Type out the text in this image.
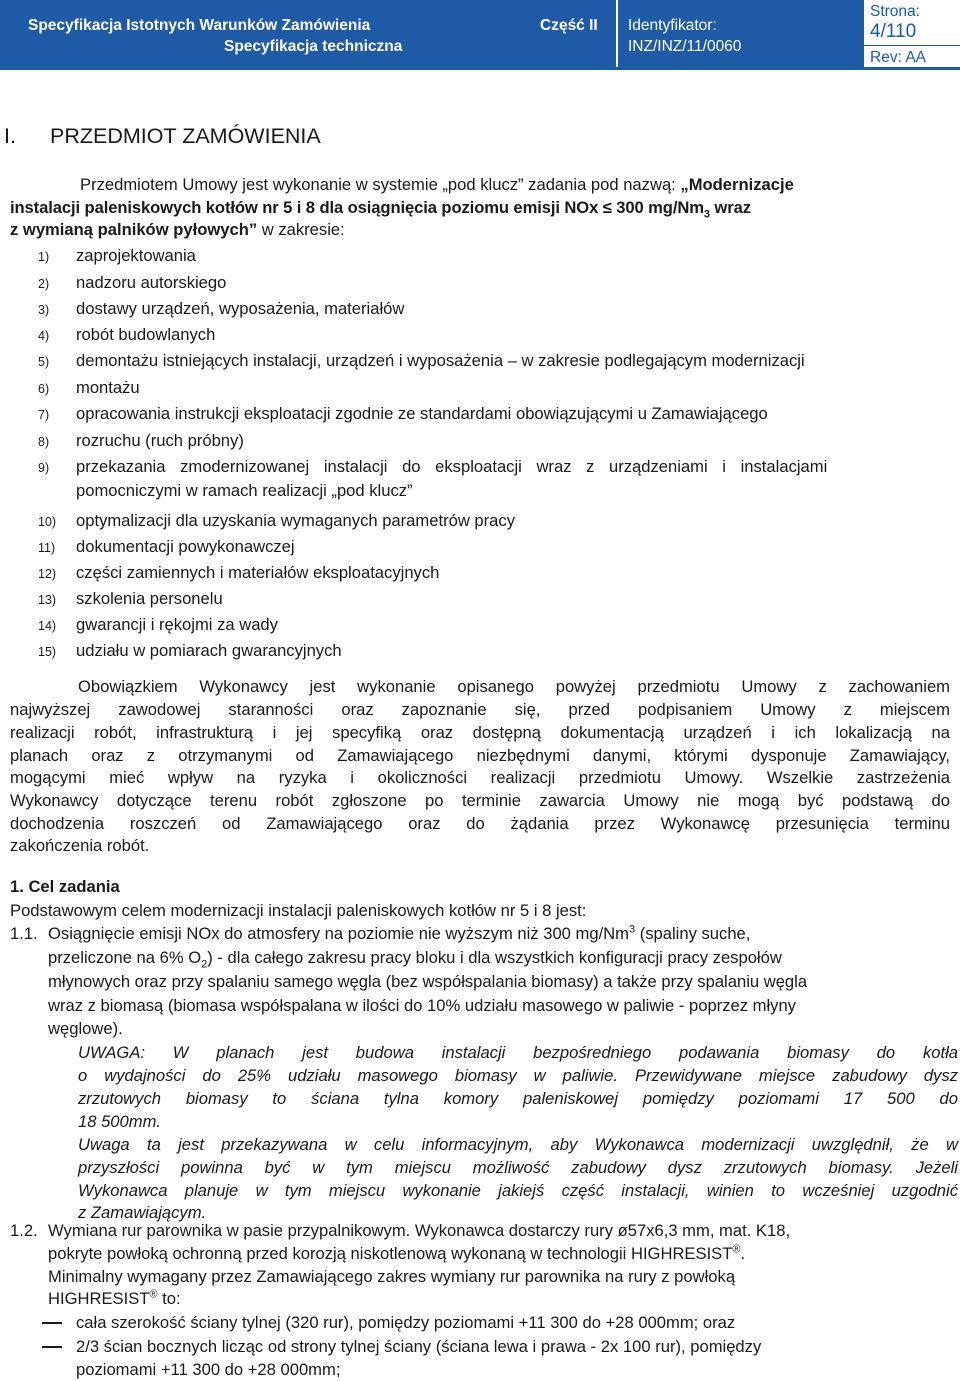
Specyfikacja Istotnych Warunków Zamówienia	Część II
Specyfikacja techniczna
Identyfikator:
INZ/INZ/11/0060
Strona:
4/110
Rev: AA
I. PRZEDMIOT ZAMÓWIENIA
Przedmiotem Umowy jest wykonanie w systemie „pod klucz” zadania pod nazwą: „Modernizacje
instalacji paleniskowych kotłów nr 5 i 8 dla osiągnięcia poziomu emisji NOx ≤ 300 $mg/Nm_3$ wraz
z wymianą palników pyłowych” w zakresie:
1) zaprojektowania
2) nadzoru autorskiego
3) dostawy urządzeń, wyposażenia, materiałów
4) robót budowlanych
5) demontażu istniejących instalacji, urządzeń i wyposażenia – w zakresie podlegającym modernizacji
6) montażu
7) opracowania instrukcji eksploatacji zgodnie ze standardami obowiązującymi u Zamawiającego
8) rozruchu (ruch próbny)
9) przekazania zmodernizowanej instalacji do eksploatacji wraz z urządzeniami i instalacjami
pomocniczymi w ramach realizacji „pod klucz”
10) optymalizacji dla uzyskania wymaganych parametrów pracy
11) dokumentacji powykonawczej
12) części zamiennych i materiałów eksploatacyjnych
13) szkolenia personelu
14) gwarancji i rękojmi za wady
15) udziału w pomiarach gwarancyjnych
Obowiązkiem Wykonawcy jest wykonanie opisanego powyżej przedmiotu Umowy z zachowaniem
najwyższej zawodowej staranności oraz zapoznanie się, przed podpisaniem Umowy z miejscem
realizacji robót, infrastrukturą i jej specyfiką oraz dostępną dokumentacją urządzeń i ich lokalizacją na
planach oraz z otrzymanymi od Zamawiającego niezbędnymi danymi, którymi dysponuje Zamawiający,
mogącymi mieć wpływ na ryzyka i okoliczności realizacji przedmiotu Umowy. Wszelkie zastrzeżenia
Wykonawcy dotyczące terenu robót zgłoszone po terminie zawarcia Umowy nie mogą być podstawą do
dochodzenia roszczeń od Zamawiającego oraz do żądania przez Wykonawcę przesunięcia terminu
zakończenia robót.
1. Cel zadania
Podstawowym celem modernizacji instalacji paleniskowych kotłów nr 5 i 8 jest:
1.1. Osiągnięcie emisji NOx do atmosfery na poziomie nie wyższym niż 300 mg/Nm$^3$ (spaliny suche,
przeliczone na 6% $O_2$) - dla całego zakresu pracy bloku i dla wszystkich konfiguracji pracy zespołów
młynowych oraz przy spalaniu samego węgla (bez współspalania biomasy) a także przy spalaniu węgla
wraz z biomasą (biomasa współspalana w ilości do 10% udziału masowego w paliwie - poprzez młyny
węglowe).
UWAGA: W planach jest budowa instalacji bezpośredniego podawania biomasy do kotła
o wydajności do 25% udziału masowego biomasy w paliwie. Przewidywane miejsce zabudowy dysz
zrzutowych biomasy to ściana tylna komory paleniskowej pomiędzy poziomami 17 500 do
18 500mm.
Uwaga ta jest przekazywana w celu informacyjnym, aby Wykonawca modernizacji uwzględnił, że w
przyszłości powinna być w tym miejscu możliwość zabudowy dysz zrzutowych biomasy. Jeżeli
Wykonawca planuje w tym miejscu wykonanie jakiejś część instalacji, winien to wcześniej uzgodnić
z Zamawiającym.
1.2. Wymiana rur parownika w pasie przypalnikowym. Wykonawca dostarczy rury ø57x6,3 mm, mat. K18,
pokryte powłoką ochronną przed korozją niskotlenową wykonaną w technologii HIGHRESIST®.
Minimalny wymagany przez Zamawiającego zakres wymiany rur parownika na rury z powłoką
HIGHRESIST® to:
cała szerokość ściany tylnej (320 rur), pomiędzy poziomami +11 300 do +28 000mm; oraz
2/3 ścian bocznych licząc od strony tylnej ściany (ściana lewa i prawa - 2x 100 rur), pomiędzy
poziomami +11 300 do +28 000mm;
